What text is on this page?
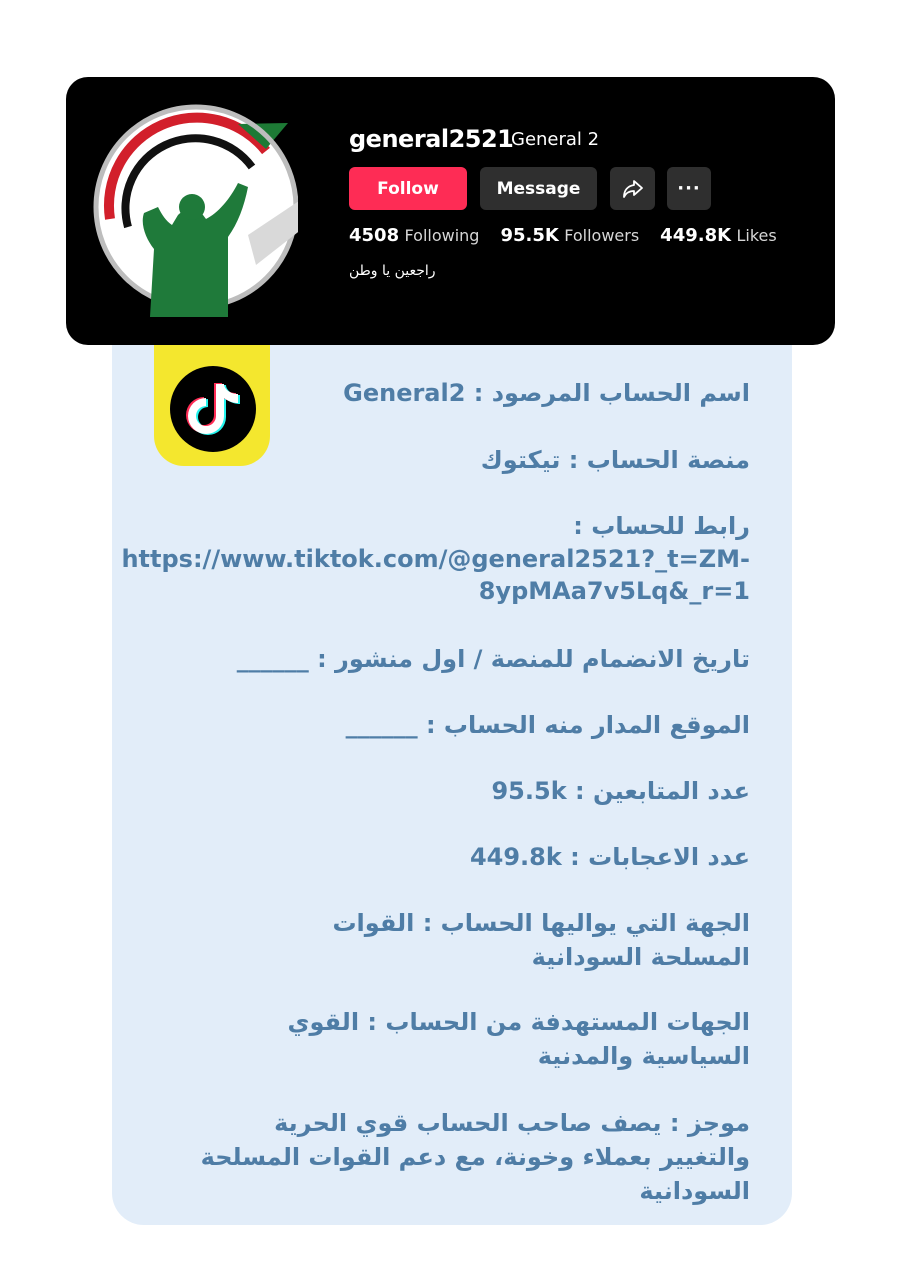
general2521
General 2
Follow	Message	···
4508 Following 95.5K Followers 449.8K Likes
راجعين يا وطن
اسم الحساب المرصود : General2
منصة الحساب : تيكتوك
رابط للحساب :
https://www.tiktok.com/@general2521?_t=ZM-
8ypMAa7v5Lq&_r=1
تاريخ الانضمام للمنصة / اول منشور : ______
الموقع المدار منه الحساب : ______
عدد المتابعين : 95.5k
عدد الاعجابات : 449.8k
الجهة التي يواليها الحساب : القوات المسلحة السودانية
الجهات المستهدفة من الحساب : القوي السياسية والمدنية
موجز : يصف صاحب الحساب قوي الحرية والتغيير بعملاء وخونة، مع دعم القوات المسلحة السودانية
